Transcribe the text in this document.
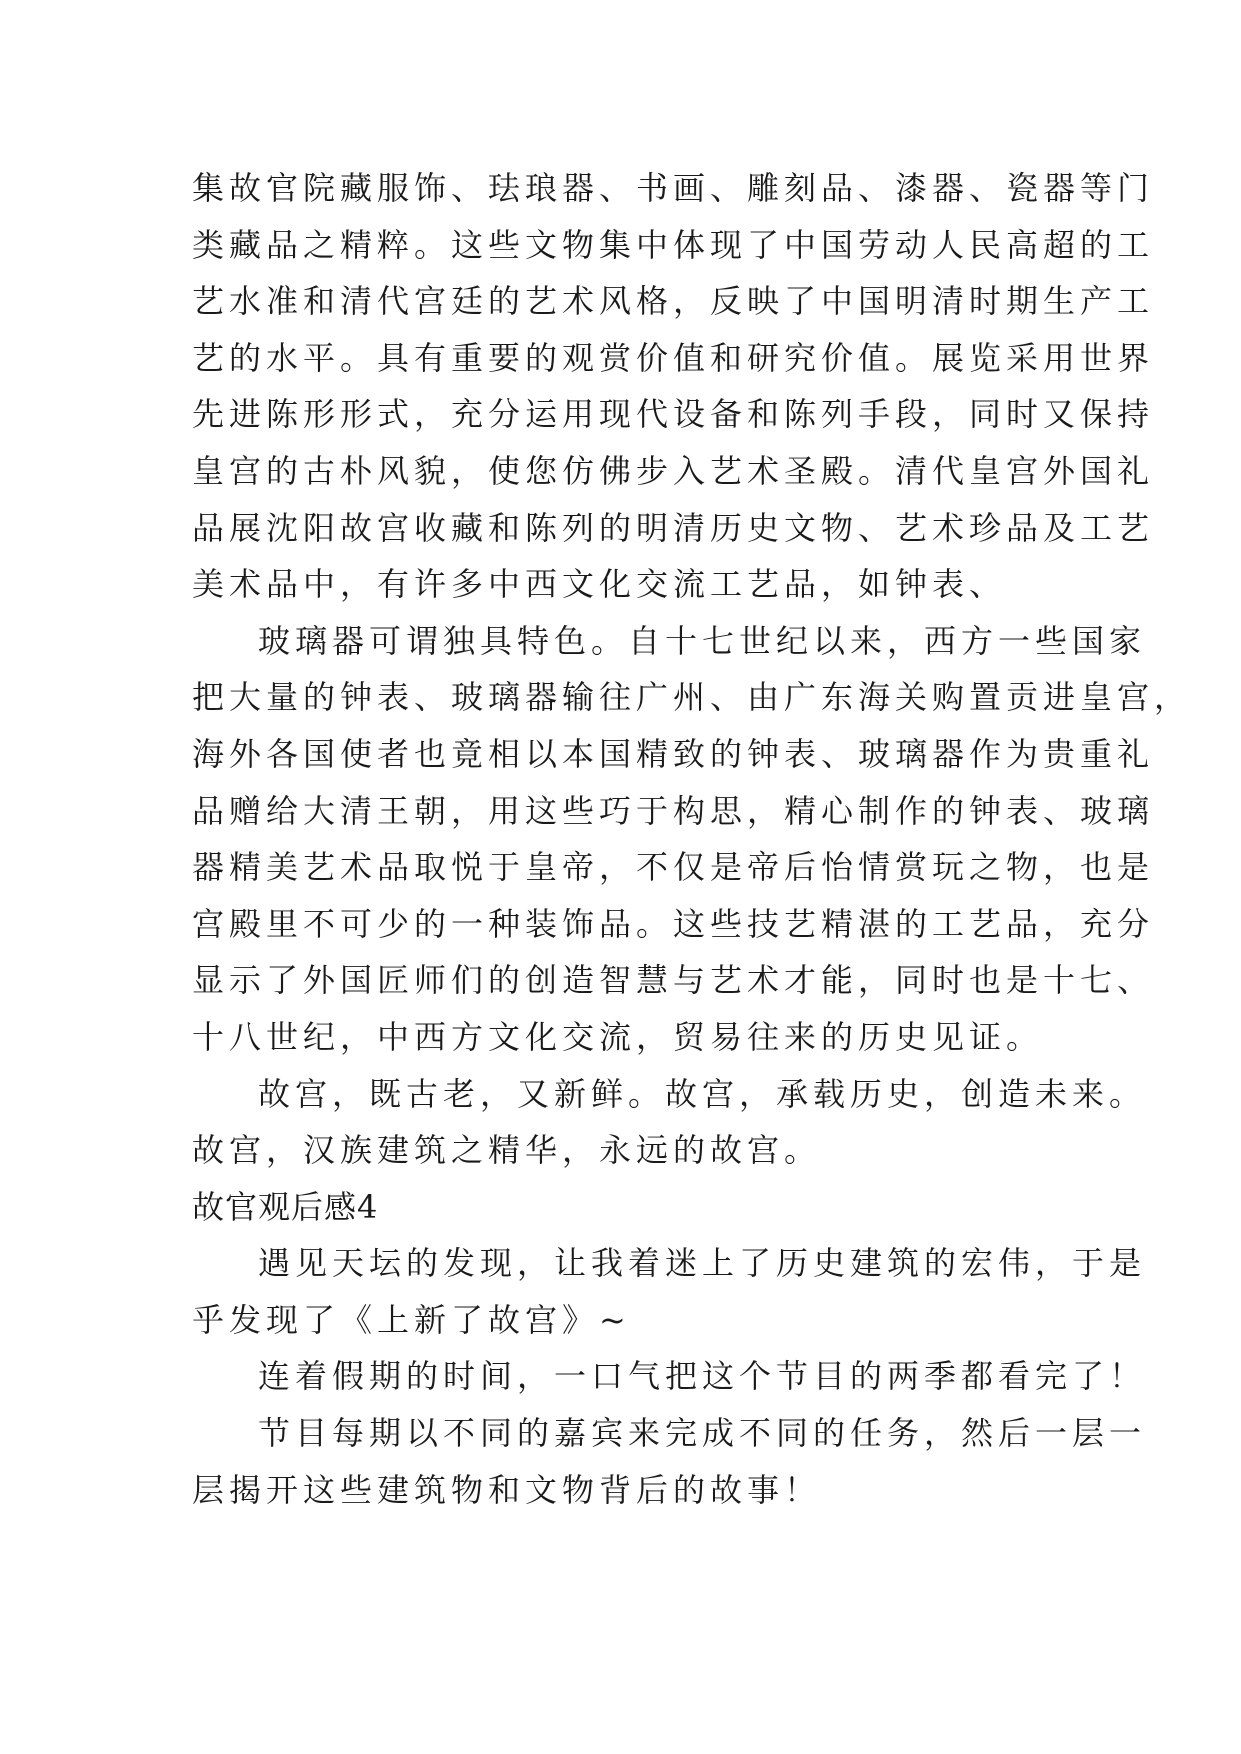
集故官院藏服饰、珐琅器、书画、雕刻品、漆器、瓷器等门
类藏品之精粹。这些文物集中体现了中国劳动人民高超的工
艺水准和清代宫廷的艺术风格，反映了中国明清时期生产工
艺的水平。具有重要的观赏价值和研究价值。展览采用世界
先进陈形形式，充分运用现代设备和陈列手段，同时又保持
皇宫的古朴风貌，使您仿佛步入艺术圣殿。清代皇宫外国礼
品展沈阳故宫收藏和陈列的明清历史文物、艺术珍品及工艺
美术品中，有许多中西文化交流工艺品，如钟表、
玻璃器可谓独具特色。自十七世纪以来，西方一些国家
把大量的钟表、玻璃器输往广州、由广东海关购置贡进皇宫，
海外各国使者也竟相以本国精致的钟表、玻璃器作为贵重礼
品赠给大清王朝，用这些巧于构思，精心制作的钟表、玻璃
器精美艺术品取悦于皇帝，不仅是帝后怡情赏玩之物，也是
宫殿里不可少的一种装饰品。这些技艺精湛的工艺品，充分
显示了外国匠师们的创造智慧与艺术才能，同时也是十七、
十八世纪，中西方文化交流，贸易往来的历史见证。
故宫，既古老，又新鲜。故宫，承载历史，创造未来。
故宫，汉族建筑之精华，永远的故宫。
故官观后感4
遇见天坛的发现，让我着迷上了历史建筑的宏伟，于是
乎发现了《上新了故宫》~
连着假期的时间，一口气把这个节目的两季都看完了！
节目每期以不同的嘉宾来完成不同的任务，然后一层一
层揭开这些建筑物和文物背后的故事！
